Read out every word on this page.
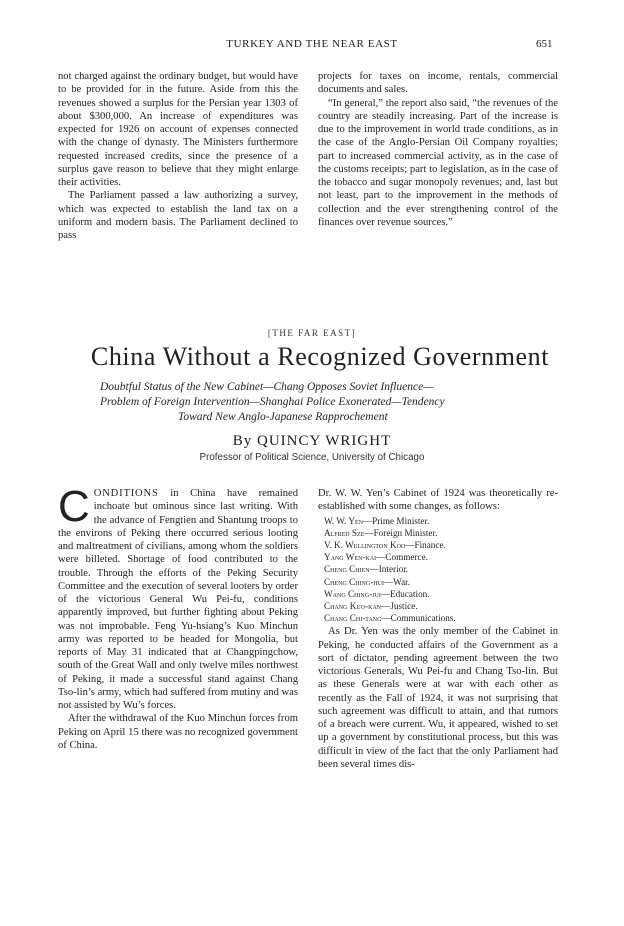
TURKEY AND THE NEAR EAST	651

not charged against the ordinary budget, but would have to be provided for in the future. Aside from this the revenues showed a surplus for the Persian year 1303 of about $300,000. An increase of expenditures was expected for 1926 on account of expenses connected with the change of dynasty. The Ministers furthermore requested increased credits, since the presence of a surplus gave reason to believe that they might enlarge their activities.

The Parliament passed a law authorizing a survey, which was expected to establish the land tax on a uniform and modern basis. The Parliament declined to pass

projects for taxes on income, rentals, commercial documents and sales.

“In general,” the report also said, “the revenues of the country are steadily increasing. Part of the increase is due to the improvement in world trade conditions, as in the case of the Anglo-Persian Oil Company royalties; part to increased commercial activity, as in the case of the customs receipts; part to legislation, as in the case of the tobacco and sugar monopoly revenues; and, last but not least, part to the improvement in the methods of collection and the ever strengthening control of the finances over revenue sources.”

[THE FAR EAST]
China Without a Recognized Government
Doubtful Status of the New Cabinet—Chang Opposes Soviet Influence—
Problem of Foreign Intervention—Shanghai Police Exonerated—Tendency
Toward New Anglo-Japanese Rapprochement
By QUINCY WRIGHT
Professor of Political Science, University of Chicago

CONDITIONS in China have remained inchoate but ominous since last writing. With the advance of Fengtien and Shantung troops to the environs of Peking there occurred serious looting and maltreatment of civilians, among whom the soldiers were billeted. Shortage of food contributed to the trouble. Through the efforts of the Peking Security Committee and the execution of several looters by order of the victorious General Wu Pei-fu, conditions apparently improved, but further fighting about Peking was not improbable. Feng Yu-hsiang’s Kuo Minchun army was reported to be headed for Mongolia, but reports of May 31 indicated that at Changpingchow, south of the Great Wall and only twelve miles northwest of Peking, it made a successful stand against Chang Tso-lin’s army, which had suffered from mutiny and was not assisted by Wu’s forces.

After the withdrawal of the Kuo Minchun forces from Peking on April 15 there was no recognized government of China.

Dr. W. W. Yen’s Cabinet of 1924 was theoretically re-established with some changes, as follows:

W. W. Yen—Prime Minister.
Alfred Sze—Foreign Minister.
V. K. Wellington Koo—Finance.
Yang Wen-kai—Commerce.
Cheng Chien—Interior.
Cheng Ching-hui—War.
Wang Ching-jui—Education.
Chang Kuo-kan—Justice.
Chang Chi-tang—Communications.

As Dr. Yen was the only member of the Cabinet in Peking, he conducted affairs of the Government as a sort of dictator, pending agreement between the two victorious Generals, Wu Pei-fu and Chang Tso-lin. But as these Generals were at war with each other as recently as the Fall of 1924, it was not surprising that such agreement was difficult to attain, and that rumors of a breach were current. Wu, it appeared, wished to set up a government by constitutional process, but this was difficult in view of the fact that the only Parliament had been several times dis-
